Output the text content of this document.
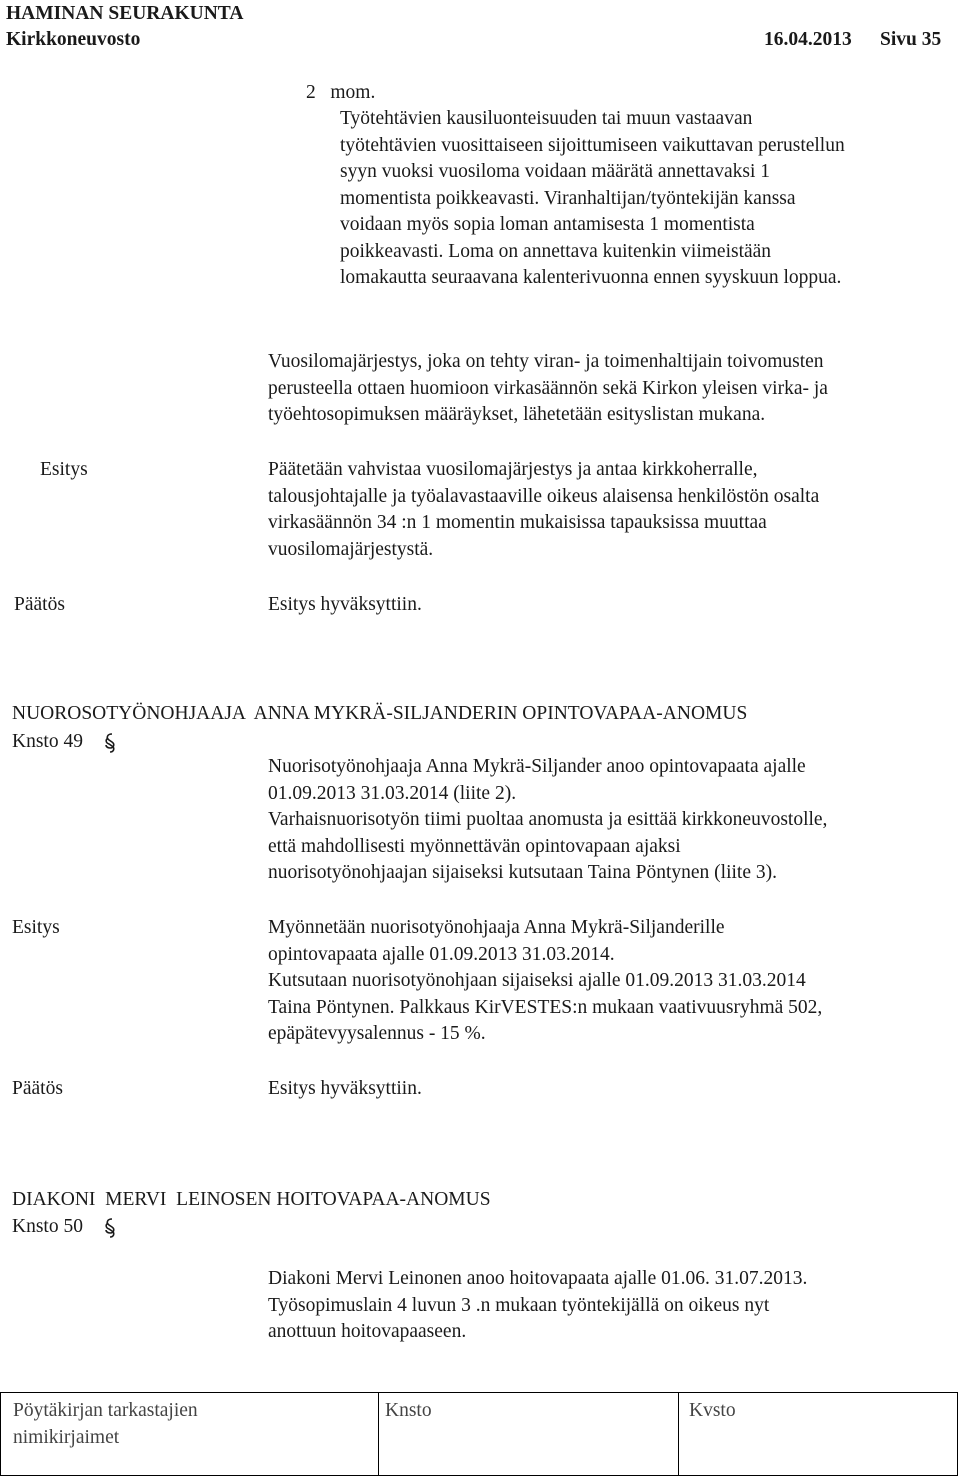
HAMINAN SEURAKUNTA
Kirkkoneuvosto	16.04.2013 Sivu 35
2   mom.
Työtehtävien kausiluonteisuuden tai muun vastaavan
työtehtävien vuosittaiseen sijoittumiseen vaikuttavan perustellun
syyn vuoksi vuosiloma voidaan määrätä annettavaksi 1
momentista poikkeavasti. Viranhaltijan/työntekijän kanssa
voidaan myös sopia loman antamisesta 1 momentista
poikkeavasti. Loma on annettava kuitenkin viimeistään
lomakautta seuraavana kalenterivuonna ennen syyskuun loppua.
Vuosilomajärjestys, joka on tehty viran- ja toimenhaltijain toivomusten
perusteella ottaen huomioon virkasäännön sekä Kirkon yleisen virka- ja
työehtosopimuksen määräykset, lähetetään esityslistan mukana.
Esitys	Päätetään vahvistaa vuosilomajärjestys ja antaa kirkkoherralle,
talousjohtajalle ja työalavastaaville oikeus alaisensa henkilöstön osalta
virkasäännön 34 :n 1 momentin mukaisissa tapauksissa muuttaa
vuosilomajärjestystä.
Päätös	Esitys hyväksyttiin.
NUOROSOTYÖNOHJAAJA  ANNA MYKRÄ-SILJANDERIN OPINTOVAPAA-ANOMUS
Knsto 49
Nuorisotyönohjaaja Anna Mykrä-Siljander anoo opintovapaata ajalle
01.09.2013 31.03.2014 (liite 2).
Varhaisnuorisotyön tiimi puoltaa anomusta ja esittää kirkkoneuvostolle,
että mahdollisesti myönnettävän opintovapaan ajaksi
nuorisotyönohjaajan sijaiseksi kutsutaan Taina Pöntynen (liite 3).
Esitys	Myönnetään nuorisotyönohjaaja Anna Mykrä-Siljanderille
opintovapaata ajalle 01.09.2013 31.03.2014.
Kutsutaan nuorisotyönohjaan sijaiseksi ajalle 01.09.2013 31.03.2014
Taina Pöntynen. Palkkaus KirVESTES:n mukaan vaativuusryhmä 502,
epäpätevyysalennus - 15 %.
Päätös	Esitys hyväksyttiin.
DIAKONI  MERVI  LEINOSEN HOITOVAPAA-ANOMUS
Knsto 50
Diakoni Mervi Leinonen anoo hoitovapaata ajalle 01.06. 31.07.2013.
Työsopimuslain 4 luvun 3 .n mukaan työntekijällä on oikeus nyt
anottuun hoitovapaaseen.
Pöytäkirjan tarkastajien
nimikirjaimet
Knsto	Kvsto
